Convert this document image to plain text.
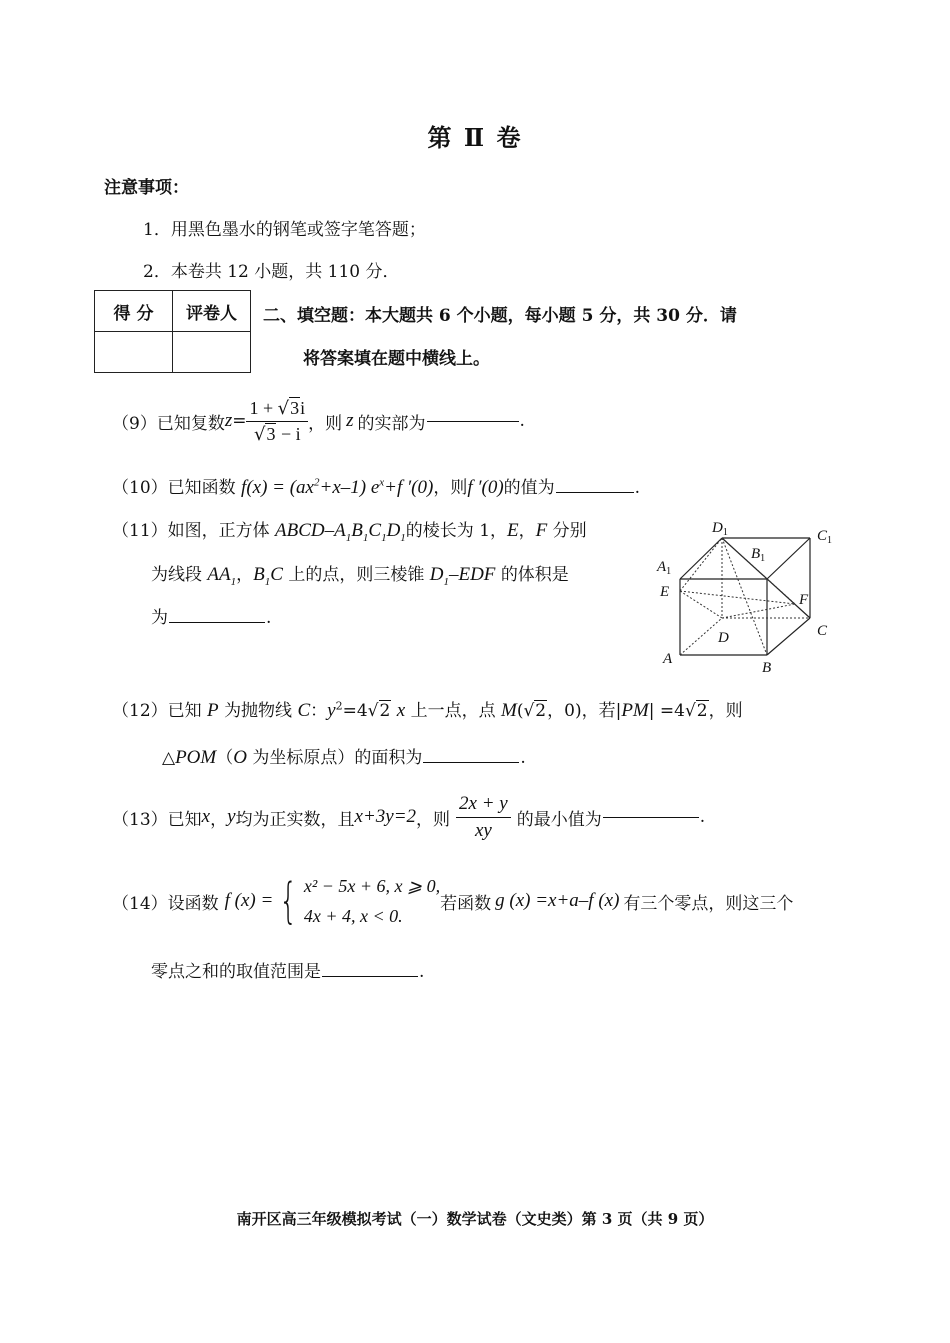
第 Ⅱ 卷
注意事项：
1．用黑色墨水的钢笔或签字笔答题；
2．本卷共 12 小题，共 110 分．
得 分	评卷人
	二、填空题：本大题共 6 个小题，每小题 5 分，共 30 分．请
将答案填在题中横线上。
（9） 已知复数 $z = \frac{1 + √3i}{√3 - i}$ ，则 z 的实部为	.
（10）已知函数 $f(x) = (ax^2+x-1)$ $e^x+f$ ′(0)，则f ′(0)的值为	.
（11）如图，正方体 ABCD–$A_1B_1C_1D_1$的棱长为 1，E，F 分别
为线段 $AA_1$，$B_1C$ 上的点，则三棱锥 $D_1$–EDF 的体积是
为	.
$D_1$	$C_1$
$B_1$
$A_1$
E	F
D	C
A
B
（12）已知 P 为抛物线 C：$y^2=4√2$ x 上一点，点 M(√2，0)，若|PM| =4√2，则
△POM（O 为坐标原点）的面积为	.
（13） 已知 x ， y 均为正实数，且 x+3y=2 ，则 $\frac{2x + y}{xy}$ 的最小值为	.
（14） 设函数 f (x) = { x² − 5x + 6, x ⩾ 0,
4x + 4, x < 0.
若函数 g (x) =x+a–f (x) 有三个零点，则这三个
零点之和的取值范围是	.
南开区高三年级模拟考试（一）数学试卷（文史类）第 3 页（共 9 页）
